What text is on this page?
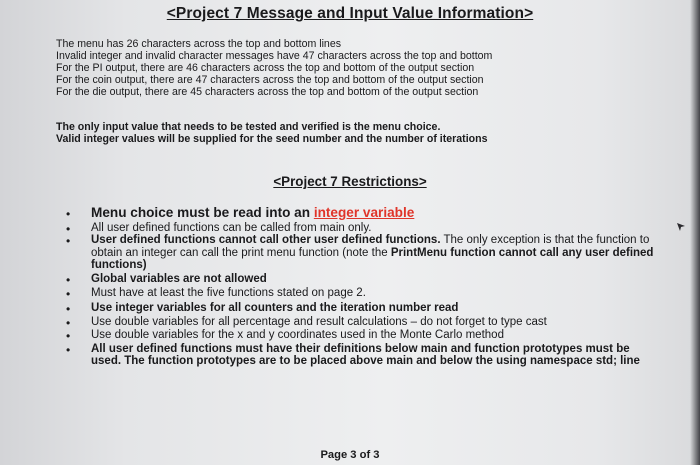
<Project 7 Message and Input Value Information>
The menu has 26 characters across the top and bottom lines
Invalid integer and invalid character messages have 47 characters across the top and bottom
For the PI output, there are 46 characters across the top and bottom of the output section
For the coin output, there are 47 characters across the top and bottom of the output section
For the die output, there are 45 characters across the top and bottom of the output section
The only input value that needs to be tested and verified is the menu choice.
Valid integer values will be supplied for the seed number and the number of iterations
<Project 7 Restrictions>
• Menu choice must be read into an integer variable
• All user defined functions can be called from main only.
• User defined functions cannot call other user defined functions. The only exception is that the function to obtain an integer can call the print menu function (note the PrintMenu function cannot call any user defined functions)
• Global variables are not allowed
• Must have at least the five functions stated on page 2.
• Use integer variables for all counters and the iteration number read
• Use double variables for all percentage and result calculations – do not forget to type cast
• Use double variables for the x and y coordinates used in the Monte Carlo method
• All user defined functions must have their definitions below main and function prototypes must be used. The function prototypes are to be placed above main and below the using namespace std; line
Page 3 of 3
